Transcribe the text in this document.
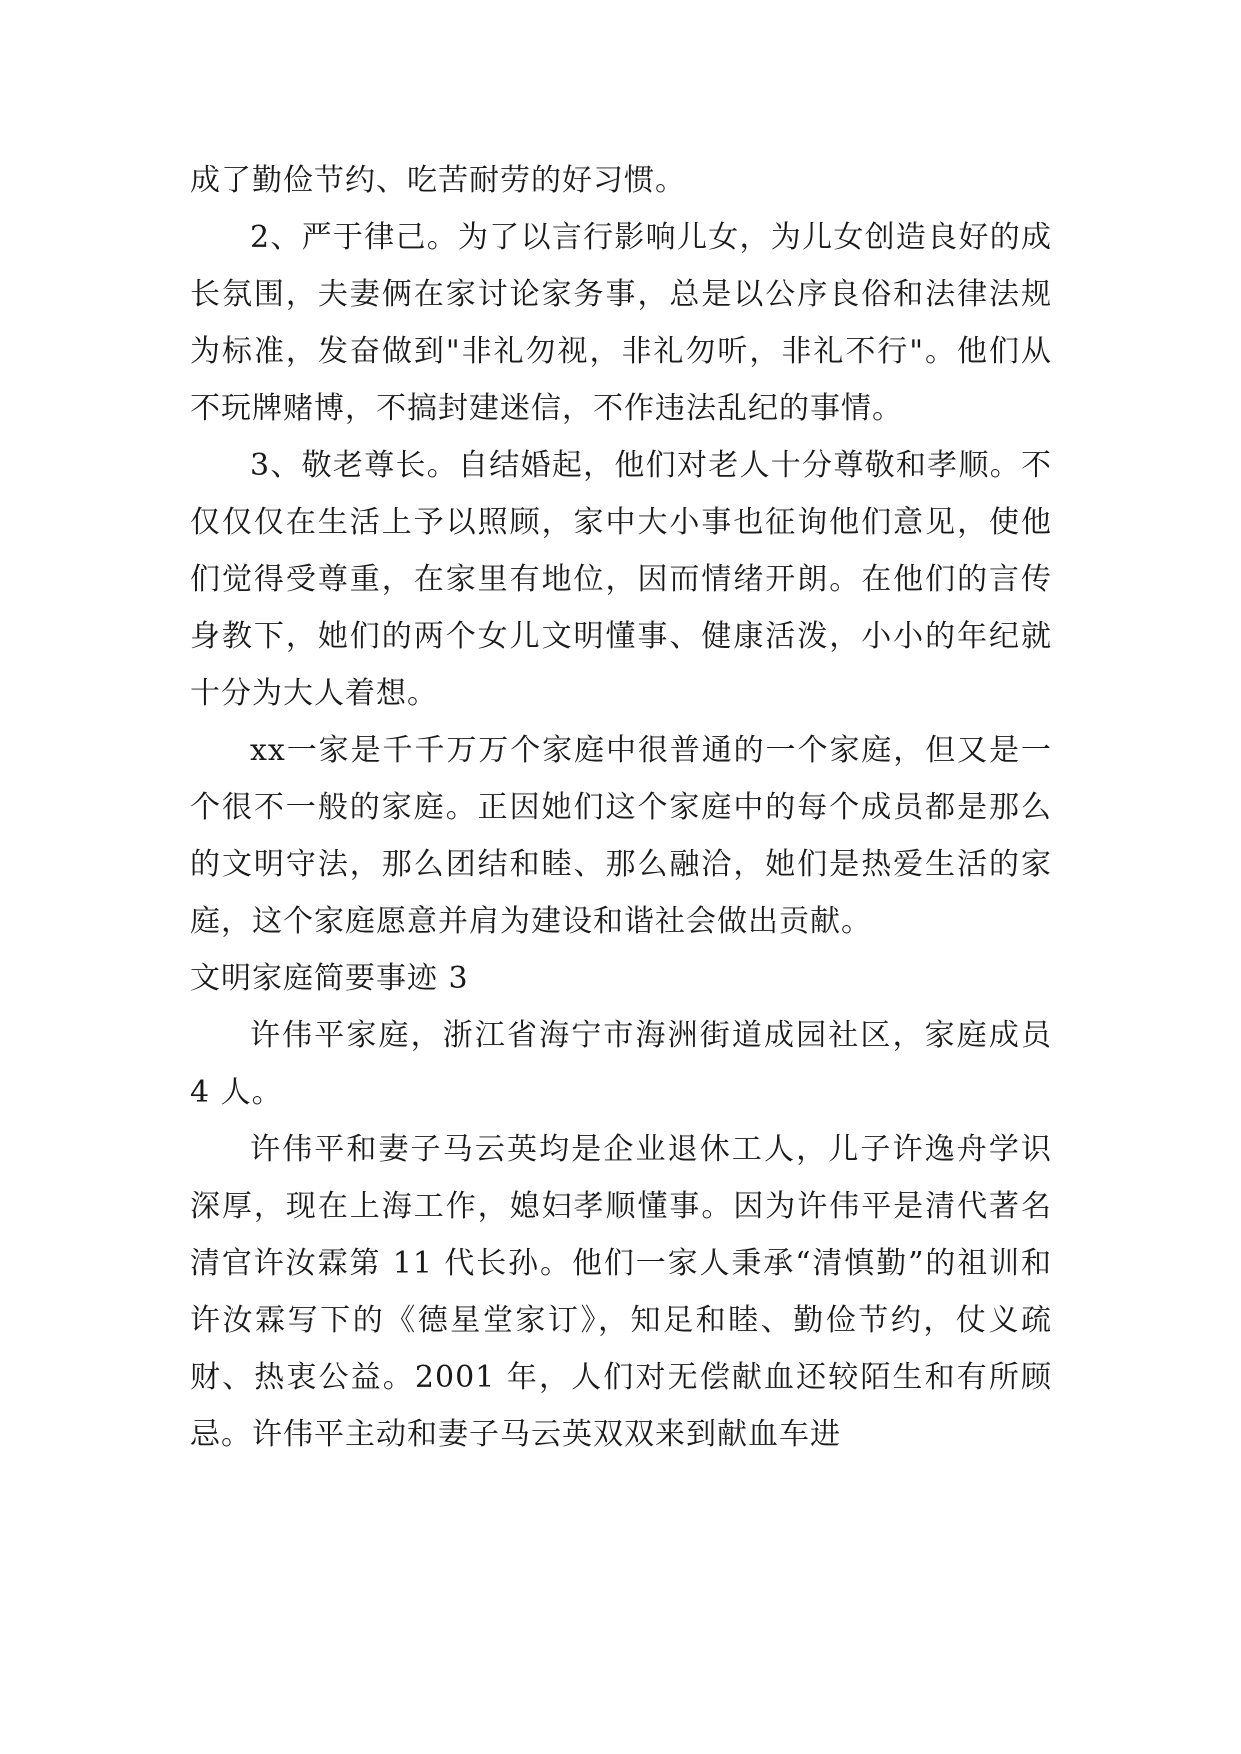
成了勤俭节约、吃苦耐劳的好习惯。

2、严于律己。为了以言行影响儿女，为儿女创造良好的成长氛围，夫妻俩在家讨论家务事，总是以公序良俗和法律法规为标准，发奋做到"非礼勿视，非礼勿听，非礼不行"。他们从不玩牌赌博，不搞封建迷信，不作违法乱纪的事情。

3、敬老尊长。自结婚起，他们对老人十分尊敬和孝顺。不仅仅仅在生活上予以照顾，家中大小事也征询他们意见，使他们觉得受尊重，在家里有地位，因而情绪开朗。在他们的言传身教下，她们的两个女儿文明懂事、健康活泼，小小的年纪就十分为大人着想。

xx一家是千千万万个家庭中很普通的一个家庭，但又是一个很不一般的家庭。正因她们这个家庭中的每个成员都是那么的文明守法，那么团结和睦、那么融洽，她们是热爱生活的家庭，这个家庭愿意并肩为建设和谐社会做出贡献。

文明家庭简要事迹 3

许伟平家庭，浙江省海宁市海洲街道成园社区，家庭成员 4 人。

许伟平和妻子马云英均是企业退休工人，儿子许逸舟学识深厚，现在上海工作，媳妇孝顺懂事。因为许伟平是清代著名清官许汝霖第 11 代长孙。他们一家人秉承“清慎勤”的祖训和许汝霖写下的《德星堂家订》，知足和睦、勤俭节约，仗义疏财、热衷公益。2001 年，人们对无偿献血还较陌生和有所顾忌。许伟平主动和妻子马云英双双来到献血车进
